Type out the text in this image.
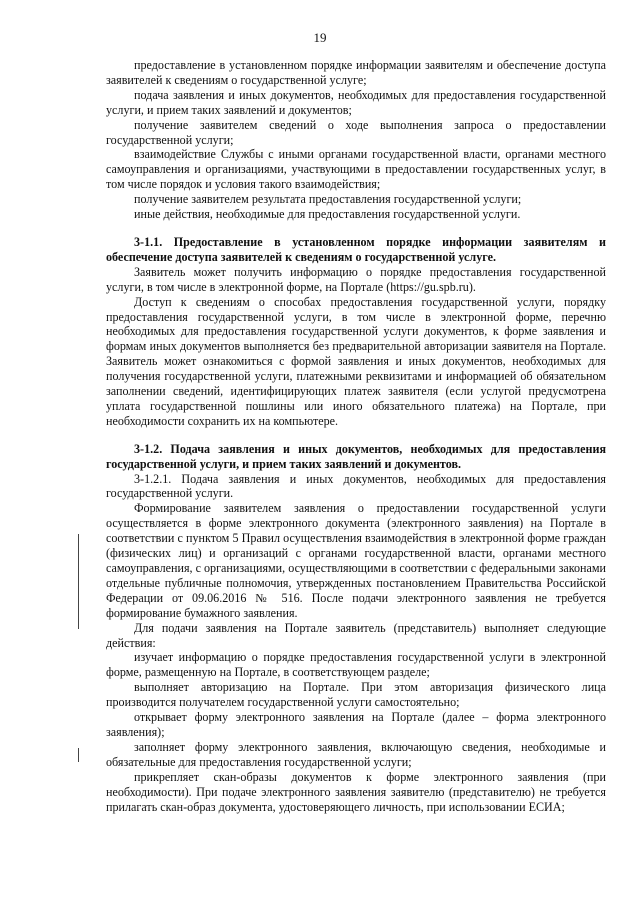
19

предоставление в установленном порядке информации заявителям и обеспечение доступа заявителей к сведениям о государственной услуге;

подача заявления и иных документов, необходимых для предоставления государственной услуги, и прием таких заявлений и документов;

получение заявителем сведений о ходе выполнения запроса о предоставлении государственной услуги;

взаимодействие Службы с иными органами государственной власти, органами местного самоуправления и организациями, участвующими в предоставлении государственных услуг, в том числе порядок и условия такого взаимодействия;

получение заявителем результата предоставления государственной услуги;

иные действия, необходимые для предоставления государственной услуги.

3-1.1. Предоставление в установленном порядке информации заявителям и обеспечение доступа заявителей к сведениям о государственной услуге.

Заявитель может получить информацию о порядке предоставления государственной услуги, в том числе в электронной форме, на Портале (https://gu.spb.ru).

Доступ к сведениям о способах предоставления государственной услуги, порядку предоставления государственной услуги, в том числе в электронной форме, перечню необходимых для предоставления государственной услуги документов, к форме заявления и формам иных документов выполняется без предварительной авторизации заявителя на Портале. Заявитель может ознакомиться с формой заявления и иных документов, необходимых для получения государственной услуги, платежными реквизитами и информацией об обязательном заполнении сведений, идентифицирующих платеж заявителя (если услугой предусмотрена уплата государственной пошлины или иного обязательного платежа) на Портале, при необходимости сохранить их на компьютере.

3-1.2. Подача заявления и иных документов, необходимых для предоставления государственной услуги, и прием таких заявлений и документов.

3-1.2.1. Подача заявления и иных документов, необходимых для предоставления государственной услуги.

Формирование заявителем заявления о предоставлении государственной услуги осуществляется в форме электронного документа (электронного заявления) на Портале в соответствии с пунктом 5 Правил осуществления взаимодействия в электронной форме граждан (физических лиц) и организаций с органами государственной власти, органами местного самоуправления, с организациями, осуществляющими в соответствии с федеральными законами отдельные публичные полномочия, утвержденных постановлением Правительства Российской Федерации от 09.06.2016 № 516. После подачи электронного заявления не требуется формирование бумажного заявления.

Для подачи заявления на Портале заявитель (представитель) выполняет следующие действия:

изучает информацию о порядке предоставления государственной услуги в электронной форме, размещенную на Портале, в соответствующем разделе;

выполняет авторизацию на Портале. При этом авторизация физического лица производится получателем государственной услуги самостоятельно;

открывает форму электронного заявления на Портале (далее – форма электронного заявления);

заполняет форму электронного заявления, включающую сведения, необходимые и обязательные для предоставления государственной услуги;

прикрепляет скан-образы документов к форме электронного заявления (при необходимости). При подаче электронного заявления заявителю (представителю) не требуется прилагать скан-образ документа, удостоверяющего личность, при использовании ЕСИА;
